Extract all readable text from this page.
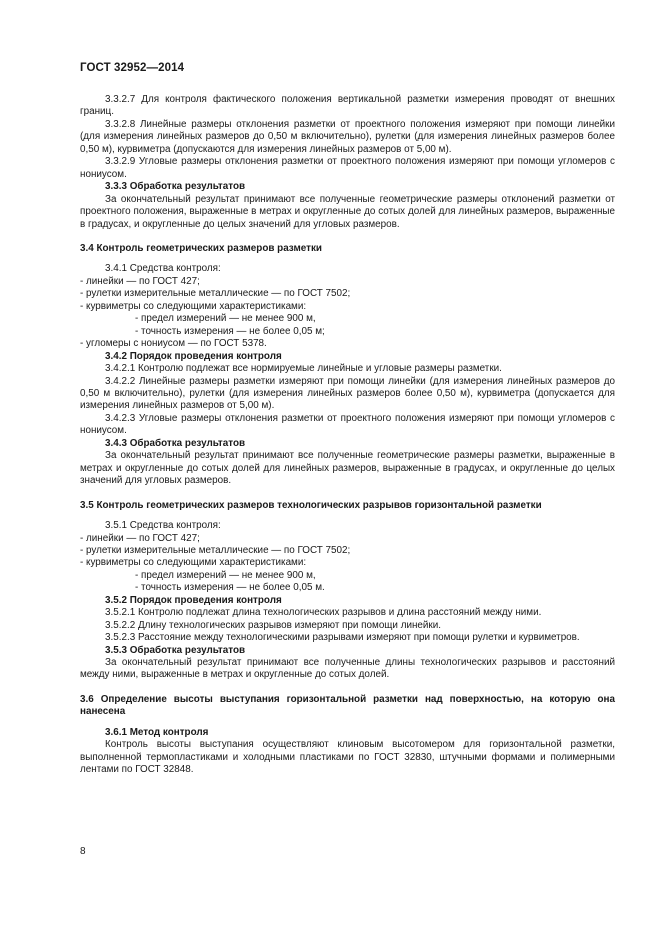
ГОСТ 32952—2014

3.3.2.7 Для контроля фактического положения вертикальной разметки измерения проводят от внешних границ.

3.3.2.8 Линейные размеры отклонения разметки от проектного положения измеряют при помощи линейки (для измерения линейных размеров до 0,50 м включительно), рулетки (для измерения линейных размеров более 0,50 м), курвиметра (допускаются для измерения линейных размеров от 5,00 м).

3.3.2.9 Угловые размеры отклонения разметки от проектного положения измеряют при помощи угломеров с нониусом.

3.3.3 Обработка результатов

За окончательный результат принимают все полученные геометрические размеры отклонений разметки от проектного положения, выраженные в метрах и округленные до сотых долей для линейных размеров, выраженные в градусах, и округленные до целых значений для угловых размеров.

3.4 Контроль геометрических размеров разметки

3.4.1 Средства контроля:

- линейки — по ГОСТ 427;

- рулетки измерительные металлические — по ГОСТ 7502;

- курвиметры со следующими характеристиками:

- предел измерений — не менее 900 м,

- точность измерения — не более 0,05 м;

- угломеры с нониусом — по ГОСТ 5378.

3.4.2 Порядок проведения контроля

3.4.2.1 Контролю подлежат все нормируемые линейные и угловые размеры разметки.

3.4.2.2 Линейные размеры разметки измеряют при помощи линейки (для измерения линейных размеров до 0,50 м включительно), рулетки (для измерения линейных размеров более 0,50 м), курвиметра (допускается для измерения линейных размеров от 5,00 м).

3.4.2.3 Угловые размеры отклонения разметки от проектного положения измеряют при помощи угломеров с нониусом.

3.4.3 Обработка результатов

За окончательный результат принимают все полученные геометрические размеры разметки, выраженные в метрах и округленные до сотых долей для линейных размеров, выраженные в градусах, и округленные до целых значений для угловых размеров.

3.5 Контроль геометрических размеров технологических разрывов горизонтальной разметки

3.5.1 Средства контроля:

- линейки — по ГОСТ 427;

- рулетки измерительные металлические — по ГОСТ 7502;

- курвиметры со следующими характеристиками:

- предел измерений — не менее 900 м,

- точность измерения — не более 0,05 м.

3.5.2 Порядок проведения контроля

3.5.2.1 Контролю подлежат длина технологических разрывов и длина расстояний между ними.

3.5.2.2 Длину технологических разрывов измеряют при помощи линейки.

3.5.2.3 Расстояние между технологическими разрывами измеряют при помощи рулетки и курвиметров.

3.5.3 Обработка результатов

За окончательный результат принимают все полученные длины технологических разрывов и расстояний между ними, выраженные в метрах и округленные до сотых долей.

3.6 Определение высоты выступания горизонтальной разметки над поверхностью, на которую она нанесена

3.6.1 Метод контроля

Контроль высоты выступания осуществляют клиновым высотомером для горизонтальной разметки, выполненной термопластиками и холодными пластиками по ГОСТ 32830, штучными формами и полимерными лентами по ГОСТ 32848.

8
